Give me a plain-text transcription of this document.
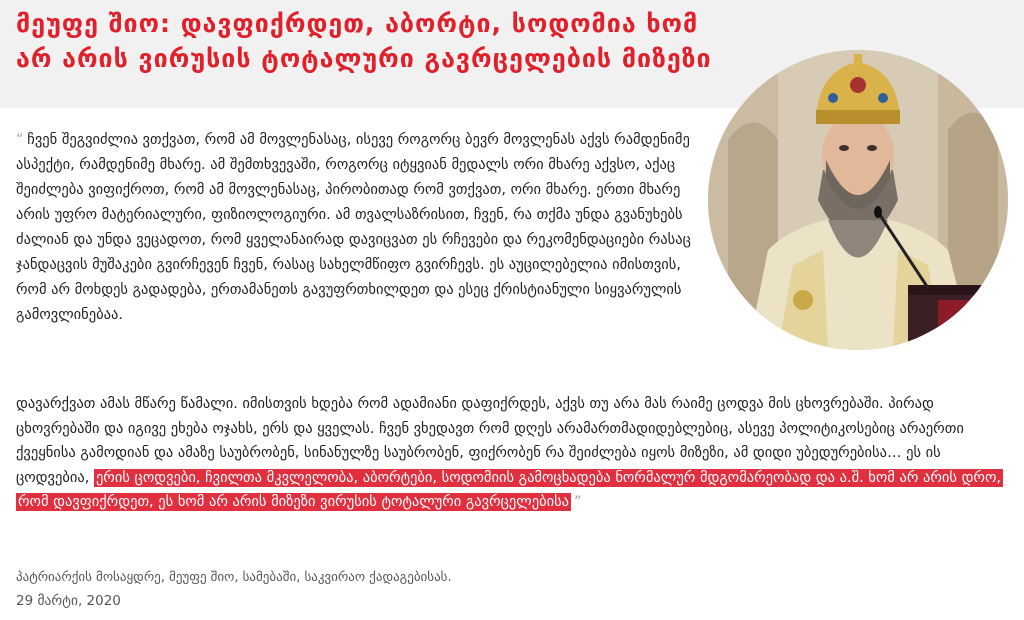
მეუფე შიო: დავფიქრდეთ, აბორტი, სოდომია ხომ არ არის ვირუსის ტოტალური გავრცელების მიზეზი

“ ჩვენ შეგვიძლია ვთქვათ, რომ ამ მოვლენასაც, ისევე როგორც ბევრ მოვლენას აქვს რამდენიმე ასპექტი, რამდენიმე მხარე. ამ შემთხვევაში, როგორც იტყვიან მედალს ორი მხარე აქვსო, აქაც შეიძლება ვიფიქროთ, რომ ამ მოვლენასაც, პირობითად რომ ვთქვათ, ორი მხარე. ერთი მხარე არის უფრო მატერიალური, ფიზიოლოგიური. ამ თვალსაზრისით, ჩვენ, რა თქმა უნდა გვანუხებს ძალიან და უნდა ვეცადოთ, რომ ყველანაირად დავიცვათ ეს რჩევები და რეკომენდაციები რასაც ჯანდაცვის მუშაკები გვირჩევენ ჩვენ, რასაც სახელმწიფო გვირჩევს. ეს აუცილებელია იმისთვის, რომ არ მოხდეს გადადება, ერთამანეთს გავუფრთხილდეთ და ესეც ქრისტიანული სიყვარულის გამოვლინებაა.

დავარქვათ ამას მწარე წამალი. იმისთვის ხდება რომ ადამიანი დაფიქრდეს, აქვს თუ არა მას რაიმე ცოდვა მის ცხოვრებაში. პირად ცხოვრებაში და იგივე ეხება ოჯახს, ერს და ყველას. ჩვენ ვხედავთ რომ დღეს არამართმადიდებლებიც, ასევე პოლიტიკოსებიც არაერთი ქვეყნისა გამოდიან და ამაზე საუბრობენ, სინანულზე საუბრობენ, ფიქრობენ რა შეიძლება იყოს მიზეზი, ამ დიდი უბედურებისა… ეს ის ცოდვებია, ერის ცოდვები, ჩვილთა მკვლელობა, აბორტები, სოდომიის გამოცხადება ნორმალურ მდგომარეობად და ა.შ. ხომ არ არის დრო, რომ დავფიქრდეთ, ეს ხომ არ არის მიზეზი ვირუსის ტოტალური გავრცელებისა ”

პატრიარქის მოსაყდრე, მეუფე შიო, სამებაში, საკვირაო ქადაგებისას.

29 მარტი, 2020
